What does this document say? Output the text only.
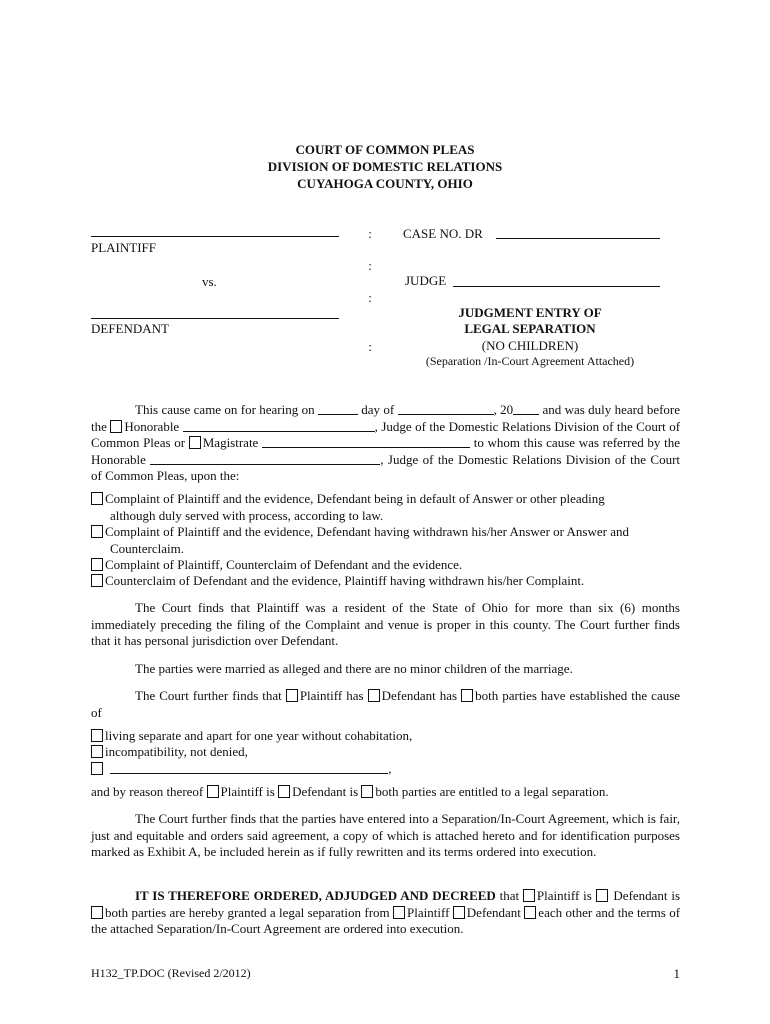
COURT OF COMMON PLEAS
DIVISION OF DOMESTIC RELATIONS
CUYAHOGA COUNTY, OHIO
PLAINTIFF
vs.
DEFENDANT
:
:
:
:
CASE NO. DR
JUDGE
JUDGMENT ENTRY OF
LEGAL SEPARATION
(NO CHILDREN)
(Separation /In-Court Agreement Attached)
This cause came on for hearing on	day of	, 20 and was duly heard before the Honorable	, Judge of the Domestic Relations Division of the Court of Common Pleas or Magistrate	to whom this cause was referred by the Honorable	, Judge of the Domestic Relations Division of the Court of Common Pleas, upon the:
Complaint of Plaintiff and the evidence, Defendant being in default of Answer or other pleading
although duly served with process, according to law.
Complaint of Plaintiff and the evidence, Defendant having withdrawn his/her Answer or Answer and
Counterclaim.
Complaint of Plaintiff, Counterclaim of Defendant and the evidence.
Counterclaim of Defendant and the evidence, Plaintiff having withdrawn his/her Complaint.
The Court finds that Plaintiff was a resident of the State of Ohio for more than six (6) months immediately preceding the filing of the Complaint and venue is proper in this county. The Court further finds that it has personal jurisdiction over Defendant.
The parties were married as alleged and there are no minor children of the marriage.
The Court further finds that Plaintiff has Defendant has both parties have established the cause of
living separate and apart for one year without cohabitation,
incompatibility, not denied,
,
and by reason thereof Plaintiff is Defendant is both parties are entitled to a legal separation.
The Court further finds that the parties have entered into a Separation/In-Court Agreement, which is fair, just and equitable and orders said agreement, a copy of which is attached hereto and for identification purposes marked as Exhibit A, be included herein as if fully rewritten and its terms ordered into execution.
IT IS THEREFORE ORDERED, ADJUDGED AND DECREED that Plaintiff is Defendant is both parties are hereby granted a legal separation from Plaintiff Defendant each other and the terms of the attached Separation/In-Court Agreement are ordered into execution.
H132_TP.DOC (Revised 2/2012)	1
